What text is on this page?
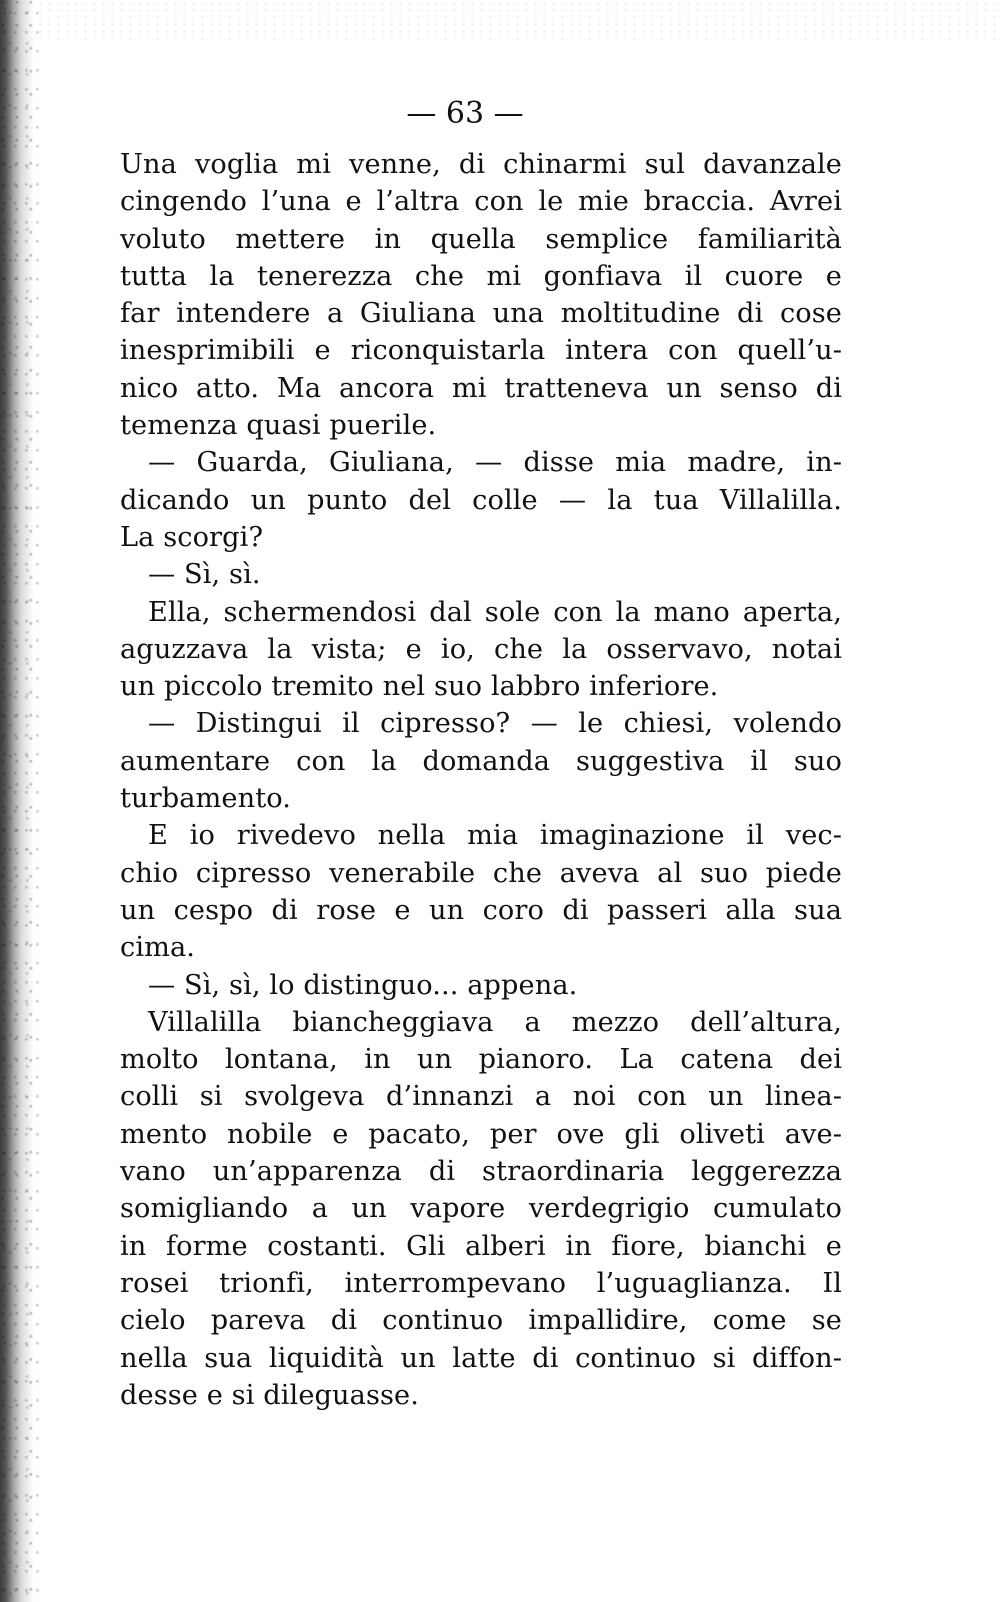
— 63 —
Una voglia mi venne, di chinarmi sul davanzale
cingendo l’una e l’altra con le mie braccia. Avrei
voluto mettere in quella semplice familiarità
tutta la tenerezza che mi gonfiava il cuore e
far intendere a Giuliana una moltitudine di cose
inesprimibili e riconquistarla intera con quell’u-
nico atto. Ma ancora mi tratteneva un senso di
temenza quasi puerile.
— Guarda, Giuliana, — disse mia madre, in-
dicando un punto del colle — la tua Villalilla.
La scorgi?
— Sì, sì.
Ella, schermendosi dal sole con la mano aperta,
aguzzava la vista; e io, che la osservavo, notai
un piccolo tremito nel suo labbro inferiore.
— Distingui il cipresso? — le chiesi, volendo
aumentare con la domanda suggestiva il suo
turbamento.
E io rivedevo nella mia imaginazione il vec-
chio cipresso venerabile che aveva al suo piede
un cespo di rose e un coro di passeri alla sua
cima.
— Sì, sì, lo distinguo... appena.
Villalilla biancheggiava a mezzo dell’altura,
molto lontana, in un pianoro. La catena dei
colli si svolgeva d’innanzi a noi con un linea-
mento nobile e pacato, per ove gli oliveti ave-
vano un’apparenza di straordinaria leggerezza
somigliando a un vapore verdegrigio cumulato
in forme costanti. Gli alberi in fiore, bianchi e
rosei trionfi, interrompevano l’uguaglianza. Il
cielo pareva di continuo impallidire, come se
nella sua liquidità un latte di continuo si diffon-
desse e si dileguasse.
